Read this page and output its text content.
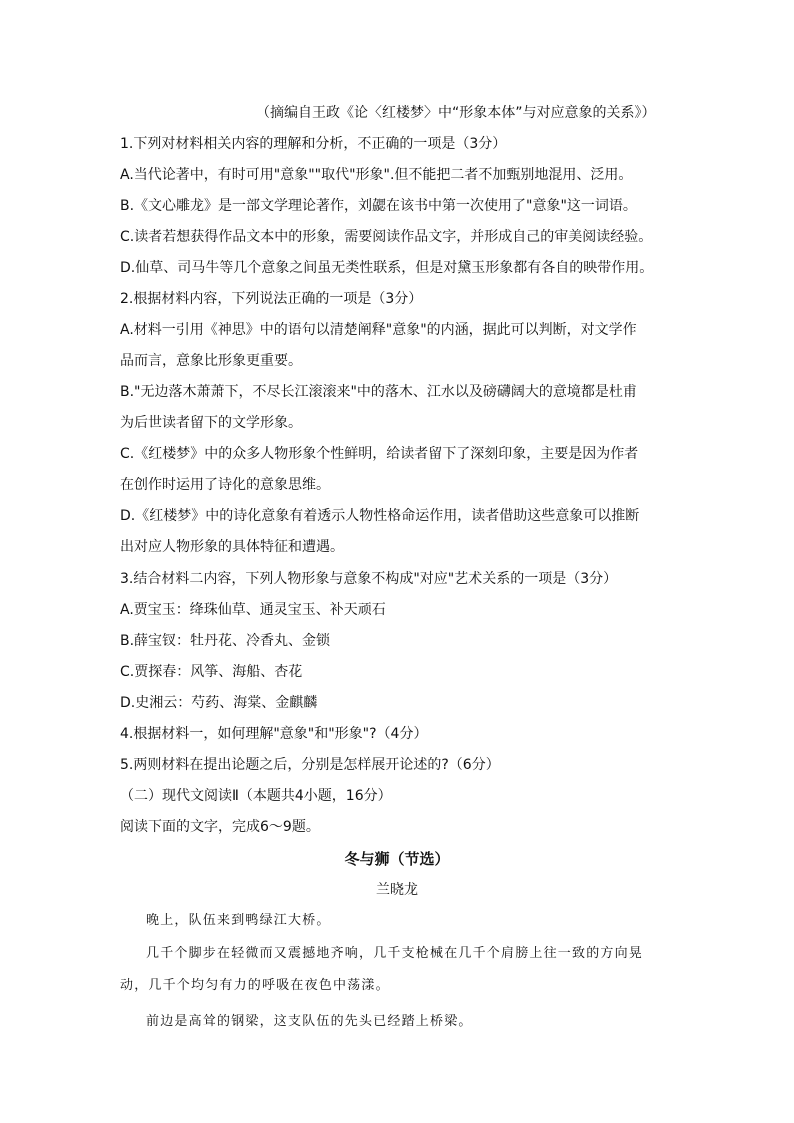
（摘编自王政《论〈红楼梦〉中“形象本体”与对应意象的关系》）
1.下列对材料相关内容的理解和分析，不正确的一项是（3分）
A.当代论著中，有时可用"意象""取代"形象".但不能把二者不加甄别地混用、泛用。
B.《文心雕龙》是一部文学理论著作，刘勰在该书中第一次使用了"意象"这一词语。
C.读者若想获得作品文本中的形象，需要阅读作品文字，并形成自己的审美阅读经验。
D.仙草、司马牛等几个意象之间虽无类性联系，但是对黛玉形象都有各自的映带作用。
2.根据材料内容，下列说法正确的一项是（3分）
A.材料一引用《神思》中的语句以清楚阐释"意象"的内涵，据此可以判断，对文学作
品而言，意象比形象更重要。
B."无边落木萧萧下，不尽长江滚滚来"中的落木、江水以及磅礴阔大的意境都是杜甫
为后世读者留下的文学形象。
C.《红楼梦》中的众多人物形象个性鲜明，给读者留下了深刻印象，主要是因为作者
在创作时运用了诗化的意象思维。
D.《红楼梦》中的诗化意象有着透示人物性格命运作用，读者借助这些意象可以推断
出对应人物形象的具体特征和遭遇。
3.结合材料二内容，下列人物形象与意象不构成"对应"艺术关系的一项是（3分）
A.贾宝玉：绛珠仙草、通灵宝玉、补天顽石
B.薛宝钗：牡丹花、冷香丸、金锁
C.贾探春：风筝、海船、杏花
D.史湘云：芍药、海棠、金麒麟
4.根据材料一，如何理解"意象"和"形象"?（4分）
5.两则材料在提出论题之后，分别是怎样展开论述的?（6分）
（二）现代文阅读Ⅱ（本题共4小题，16分）
阅读下面的文字，完成6～9题。
冬与狮（节选）
兰晓龙
晚上，队伍来到鸭绿江大桥。
几千个脚步在轻微而又震撼地齐响，几千支枪械在几千个肩膀上往一致的方向晃
动，几千个均匀有力的呼吸在夜色中荡漾。
前边是高耸的钢梁，这支队伍的先头已经踏上桥梁。
